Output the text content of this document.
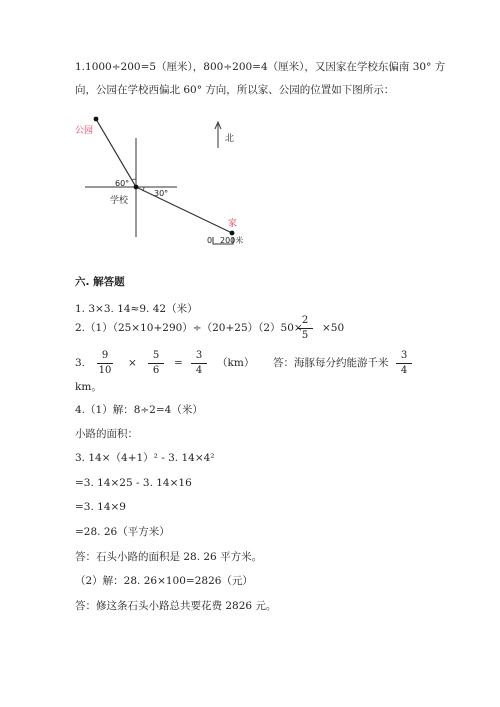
1.1000÷200=5（厘米），800÷200=4（厘米），又因家在学校东偏南 30° 方
向，公园在学校西偏北 60° 方向，所以家、公园的位置如下图所示：
公园
60°
30°
学校
家
北
0 200米
六. 解答题
1. 3×3. 14≈9. 42（米）
2.（1）（25×10+290）÷（20+25）（2）50×
2
5
×50
3.
9
10
×
5
6
=
3
4
（km） 答：海豚每分约能游千米
3
4
km。
4.（1）解：8÷2=4（米）
小路的面积：
3. 14×（4+1）² - 3. 14×4²
=3. 14×25 - 3. 14×16
=3. 14×9
=28. 26（平方米）
答：石头小路的面积是 28. 26 平方米。
（2）解：28. 26×100=2826（元）
答：修这条石头小路总共要花费 2826 元。
